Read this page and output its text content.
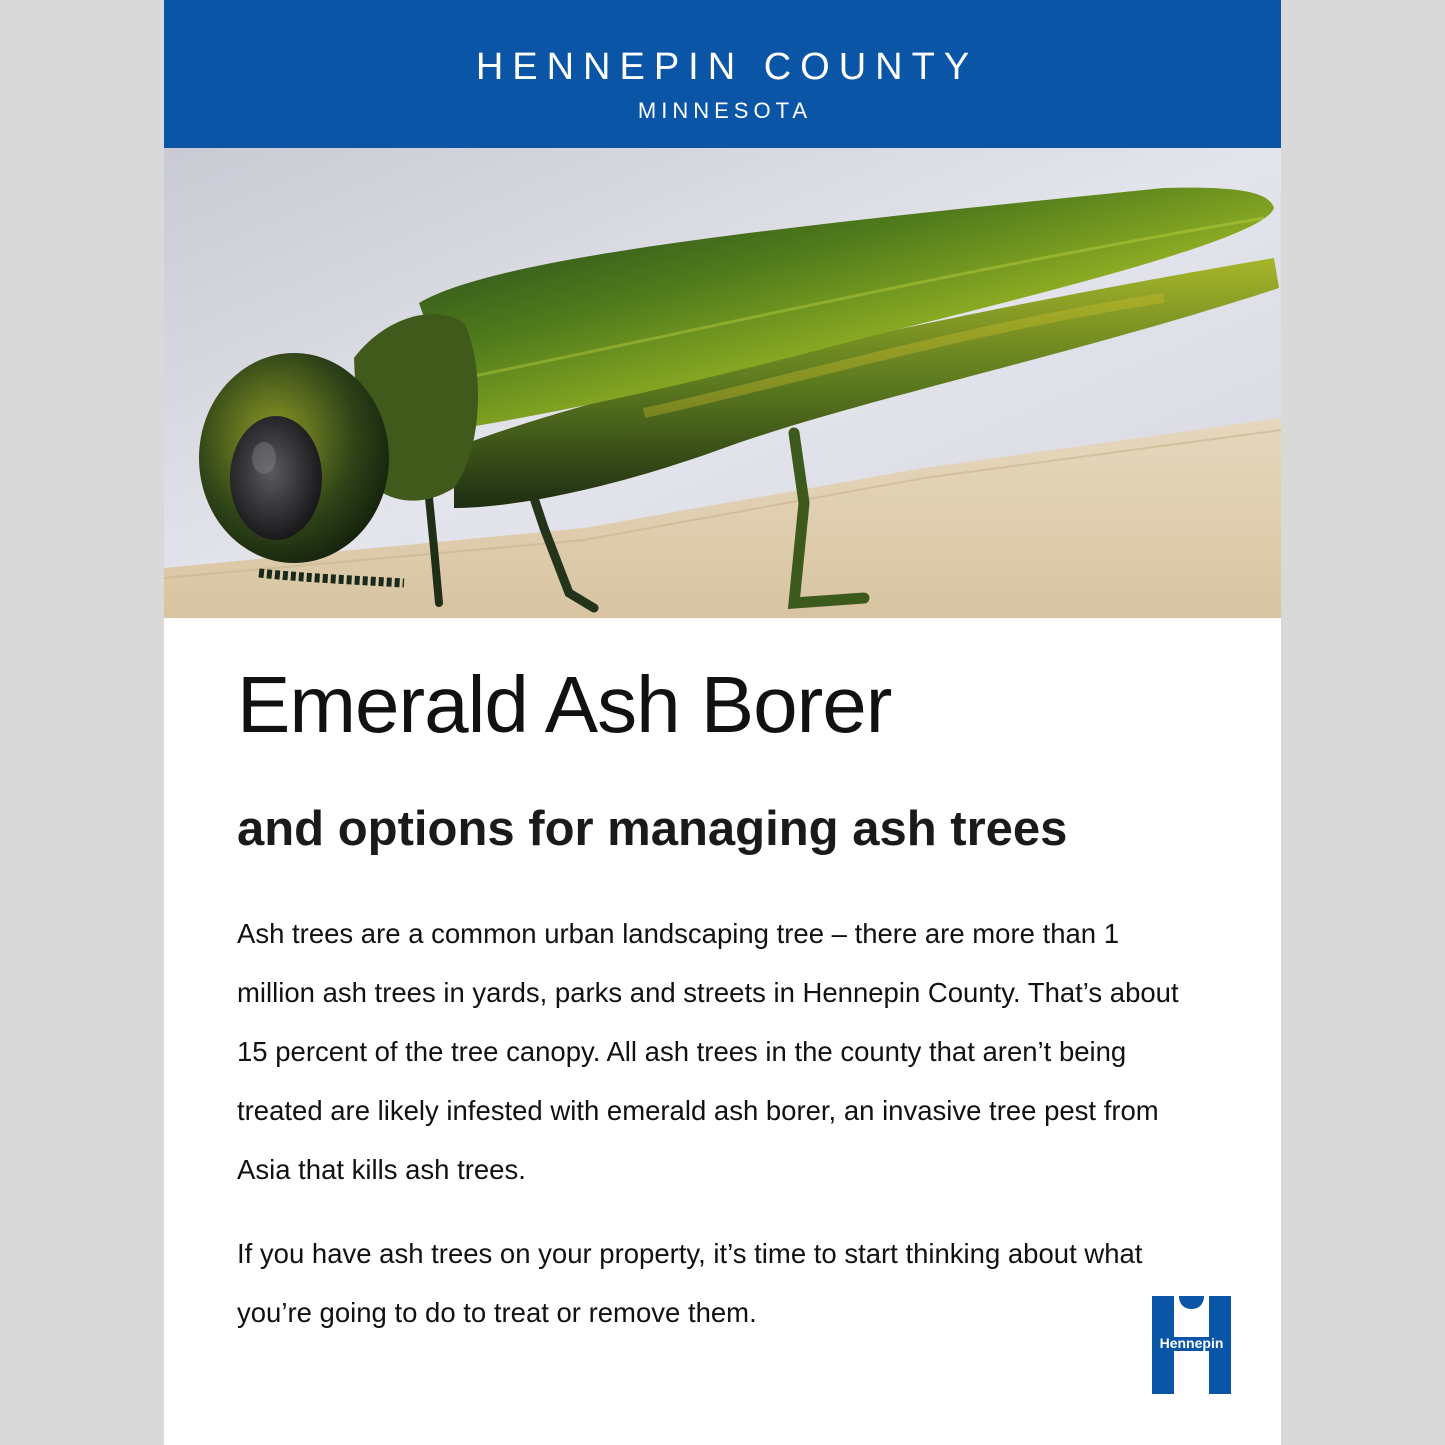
HENNEPIN COUNTY
MINNESOTA
Emerald Ash Borer
and options for managing ash trees

Ash trees are a common urban landscaping tree – there are more than 1 million ash trees in yards, parks and streets in Hennepin County. That’s about 15 percent of the tree canopy. All ash trees in the county that aren’t being treated are likely infested with emerald ash borer, an invasive tree pest from Asia that kills ash trees.

If you have ash trees on your property, it’s time to start thinking about what you’re going to do to treat or remove them.

Hennepin
